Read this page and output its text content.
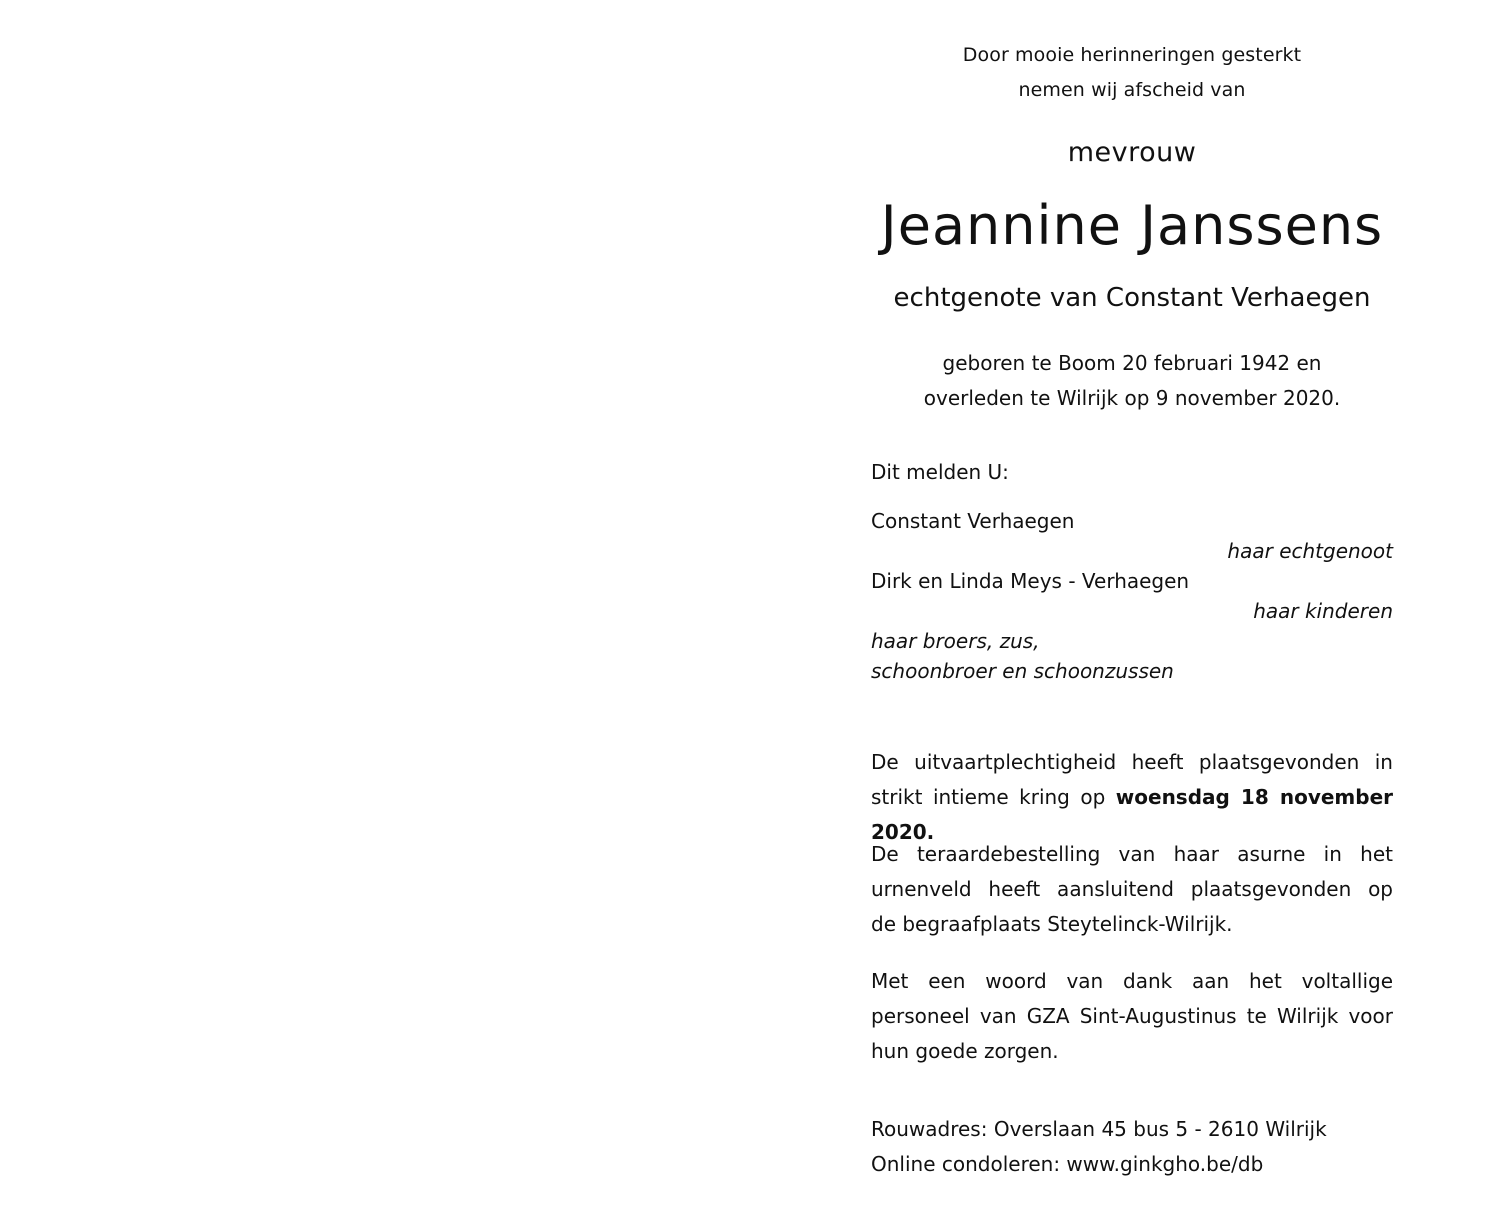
Door mooie herinneringen gesterkt
nemen wij afscheid van
mevrouw
Jeannine Janssens
echtgenote van Constant Verhaegen
geboren te Boom 20 februari 1942 en
overleden te Wilrijk op 9 november 2020.
Dit melden U:
Constant Verhaegen
haar echtgenoot
Dirk en Linda Meys - Verhaegen
haar kinderen
haar broers, zus,
schoonbroer en schoonzussen
De uitvaartplechtigheid heeft plaatsgevonden in
strikt intieme kring op woensdag 18 november 2020.
De teraardebestelling van haar asurne in het
urnenveld heeft aansluitend plaatsgevonden op
de begraafplaats Steytelinck-Wilrijk.
Met een woord van dank aan het voltallige
personeel van GZA Sint-Augustinus te Wilrijk voor
hun goede zorgen.
Rouwadres: Overslaan 45 bus 5 - 2610 Wilrijk
Online condoleren: www.ginkgho.be/db
